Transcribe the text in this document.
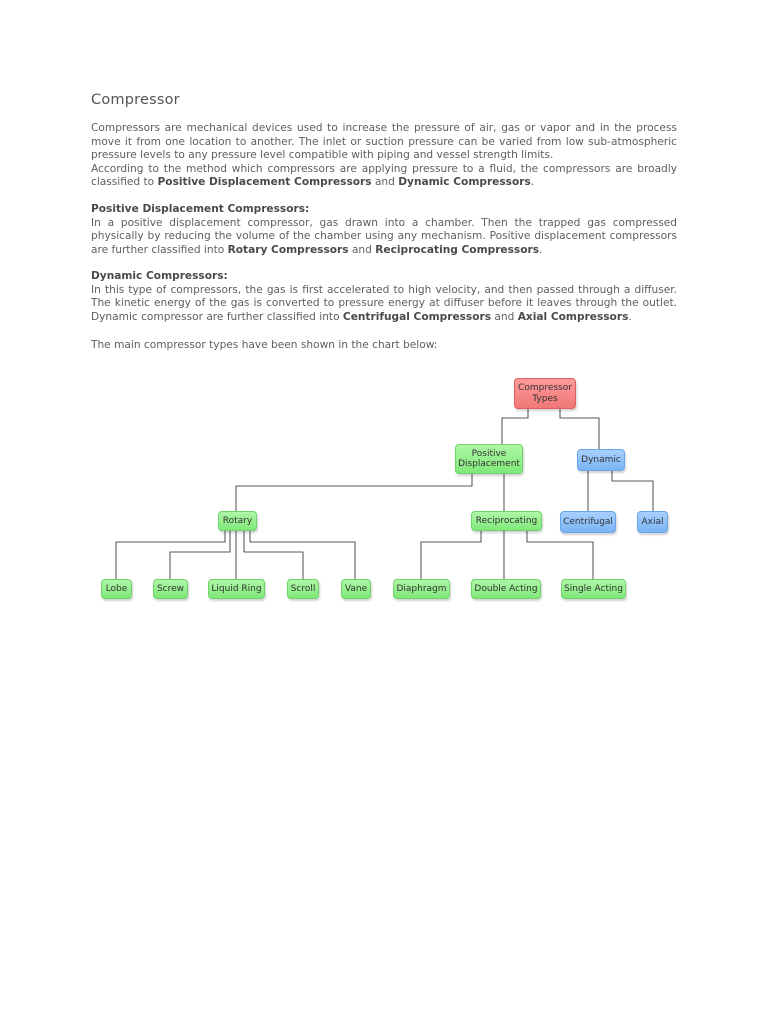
Compressor

Compressors are mechanical devices used to increase the pressure of air, gas or vapor and in the process move it from one location to another. The inlet or suction pressure can be varied from low sub-atmospheric pressure levels to any pressure level compatible with piping and vessel strength limits.
According to the method which compressors are applying pressure to a fluid, the compressors are broadly classified to Positive Displacement Compressors and Dynamic Compressors.

Positive Displacement Compressors:
In a positive displacement compressor, gas drawn into a chamber. Then the trapped gas compressed physically by reducing the volume of the chamber using any mechanism. Positive displacement compressors are further classified into Rotary Compressors and Reciprocating Compressors.

Dynamic Compressors:
In this type of compressors, the gas is first accelerated to high velocity, and then passed through a diffuser. The kinetic energy of the gas is converted to pressure energy at diffuser before it leaves through the outlet. Dynamic compressor are further classified into Centrifugal Compressors and Axial Compressors.

The main compressor types have been shown in the chart below:

Compressor Types
Positive Displacement	Dynamic
Rotary	Reciprocating	Centrifugal	Axial
Lobe	Screw	Liquid Ring	Scroll	Vane	Diaphragm	Double Acting	Single Acting
